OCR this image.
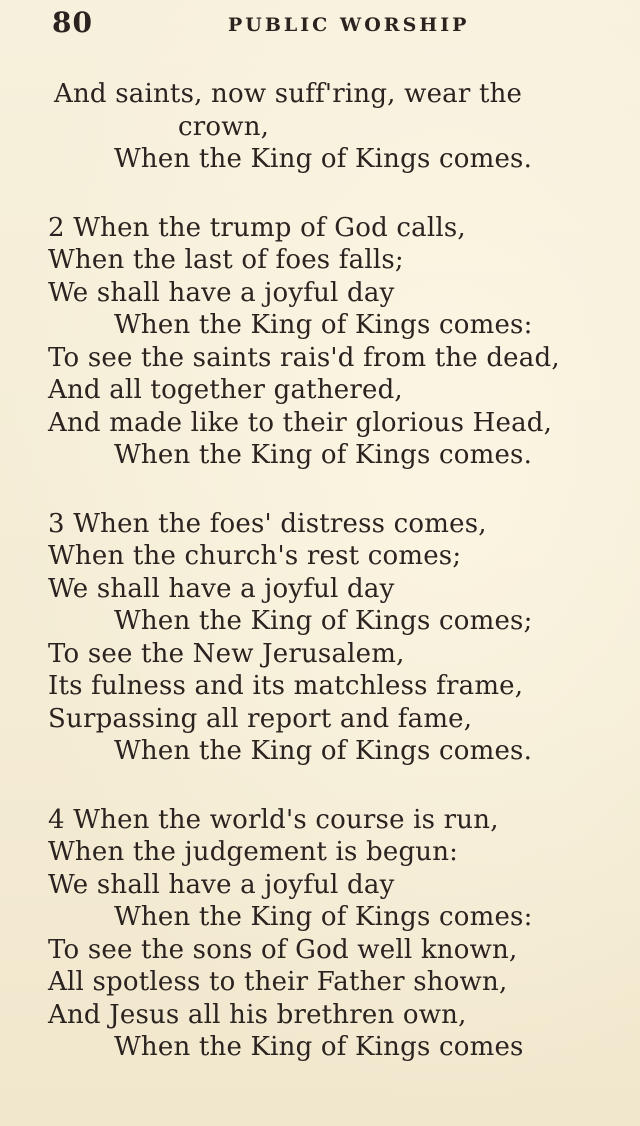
80	PUBLIC WORSHIP
And saints, now suff'ring, wear the
crown,
When the King of Kings comes.
2 When the trump of God calls,
When the last of foes falls;
We shall have a joyful day
When the King of Kings comes:
To see the saints rais'd from the dead,
And all together gathered,
And made like to their glorious Head,
When the King of Kings comes.
3 When the foes' distress comes,
When the church's rest comes;
We shall have a joyful day
When the King of Kings comes;
To see the New Jerusalem,
Its fulness and its matchless frame,
Surpassing all report and fame,
When the King of Kings comes.
4 When the world's course is run,
When the judgement is begun:
We shall have a joyful day
When the King of Kings comes:
To see the sons of God well known,
All spotless to their Father shown,
And Jesus all his brethren own,
When the King of Kings comes
